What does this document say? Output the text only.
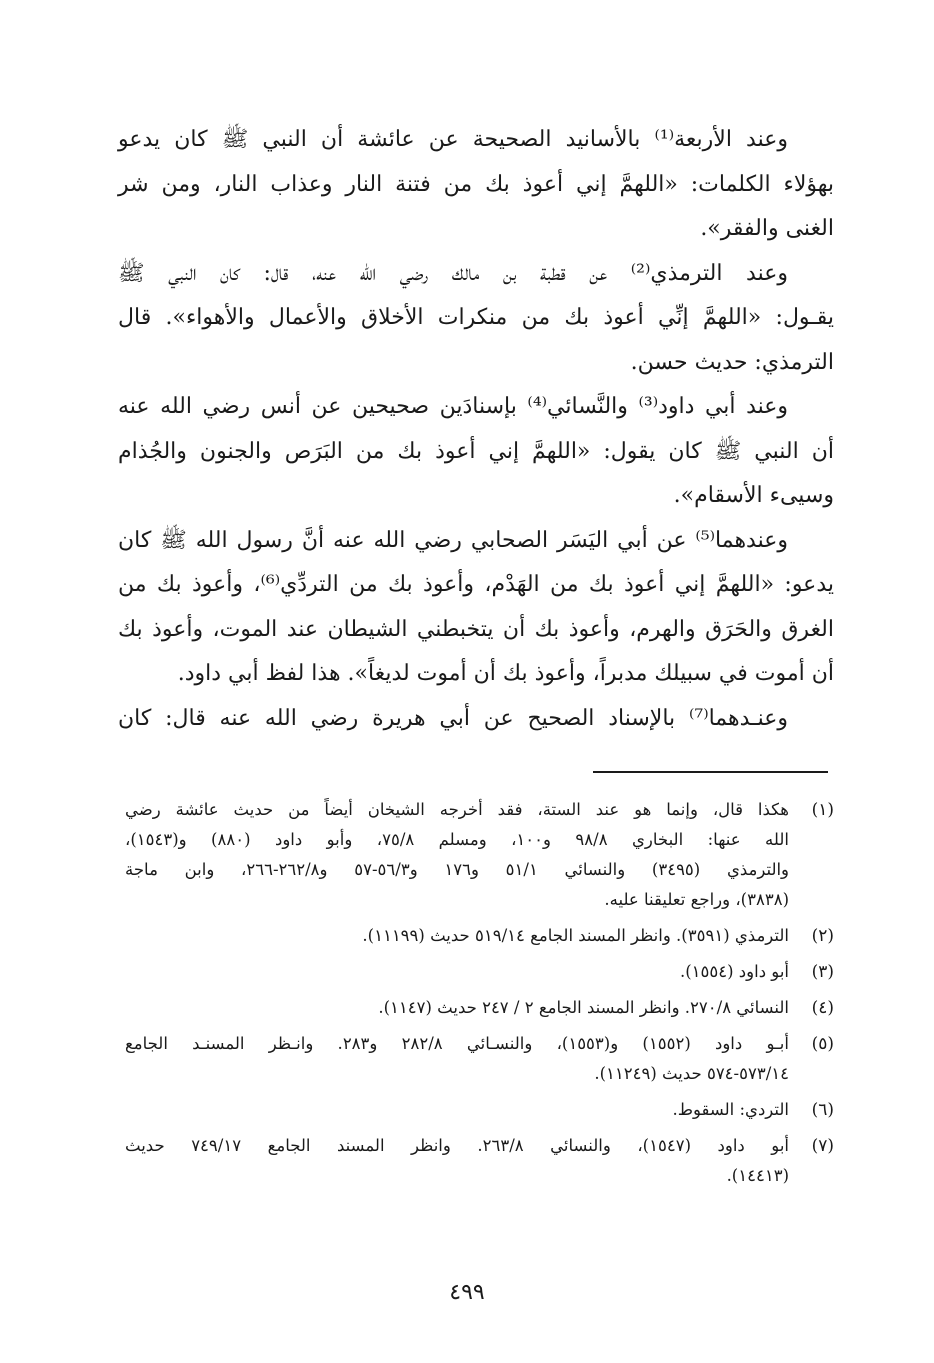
وعند الأربعة⁽¹⁾ بالأسانيد الصحيحة عن عائشة أن النبي ﷺ كان يدعو
بهؤلاء الكلمات: «اللهمَّ إني أعوذ بك من فتنة النار وعذاب النار، ومن شر
الغنى والفقر».
وعند الترمذي⁽²⁾ عن قطبة بن مالك رضي الله عنه، قال: كان النبي ﷺ
يقـول: «اللهمَّ إنِّي أعوذ بك من منكرات الأخلاق والأعمال والأهواء». قال
الترمذي: حديث حسن.
وعند أبي داود⁽³⁾ والنَّسائي⁽⁴⁾ بإسنادَين صحيحين عن أنس رضي الله عنه
أن النبي ﷺ كان يقول: «اللهمَّ إني أعوذ بك من البَرَص والجنون والجُذام
وسيىء الأسقام».
وعندهما⁽⁵⁾ عن أبي اليَسَر الصحابي رضي الله عنه أنَّ رسول الله ﷺ كان
يدعو: «اللهمَّ إني أعوذ بك من الهَدْم، وأعوذ بك من التردِّي⁽⁶⁾، وأعوذ بك من
الغرق والحَرَق والهرم، وأعوذ بك أن يتخبطني الشيطان عند الموت، وأعوذ بك
أن أموت في سبيلك مدبراً، وأعوذ بك أن أموت لديغاً». هذا لفظ أبي داود.
وعنـدهما⁽⁷⁾ بالإسناد الصحيح عن أبي هريرة رضي الله عنه قال: كان
(١)
هكذا قال، وإنما هو عند الستة، فقد أخرجه الشيخان أيضاً من حديث عائشة رضي
الله عنها: البخاري ٩٨/٨ و١٠٠، ومسلم ٧٥/٨، وأبو داود (٨٨٠) و(١٥٤٣)،
والترمذي (٣٤٩٥) والنسائي ٥١/١ و١٧٦ و٥٦/٣-٥٧ و٢٦٢/٨-٢٦٦، وابن ماجة
(٣٨٣٨)، وراجع تعليقنا عليه.
(٢)
الترمذي (٣٥٩١). وانظر المسند الجامع ٥١٩/١٤ حديث (١١١٩٩).
(٣)
أبو داود (١٥٥٤).
(٤)
النسائي ٢٧٠/٨. وانظر المسند الجامع ٢ / ٢٤٧ حديث (١١٤٧).
(٥)
أبـو داود (١٥٥٢) و(١٥٥٣)، والنسـائي ٢٨٢/٨ و٢٨٣. وانـظر المسنـد الجامع
٥٧٣/١٤-٥٧٤ حديث (١١٢٤٩).
(٦)
التردي: السقوط.
(٧)
أبو داود (١٥٤٧)، والنسائي ٢٦٣/٨. وانظر المسند الجامع ٧٤٩/١٧ حديث
(١٤٤١٣).
٤٩٩
